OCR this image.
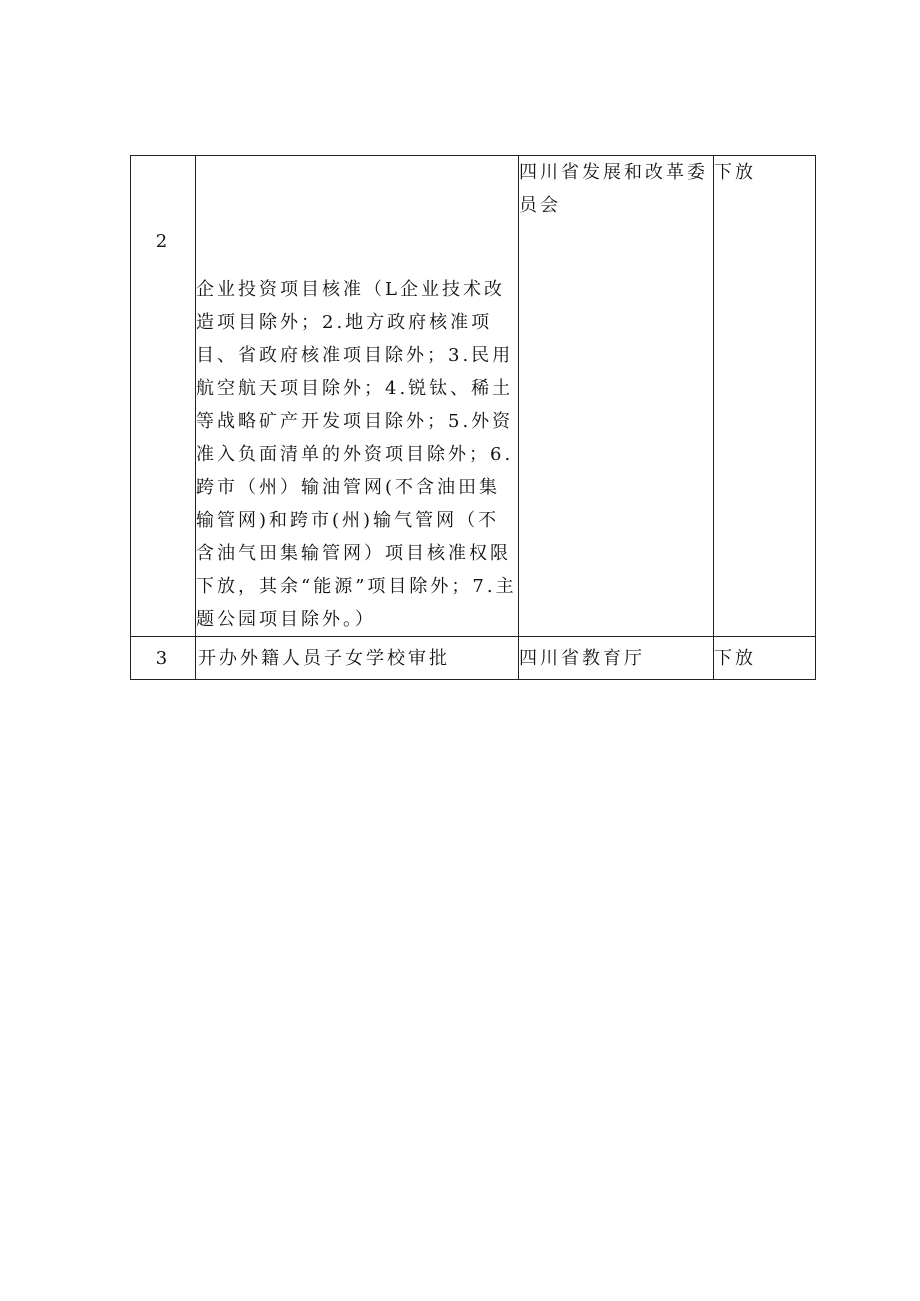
2	企业投资项目核准（L企业技术改造项目除外；2.地方政府核准项目、省政府核准项目除外；3.民用航空航天项目除外；4.锐钛、稀土等战略矿产开发项目除外；5.外资准入负面清单的外资项目除外；6.跨市（州）输油管网(不含油田集输管网)和跨市(州)输气管网（不含油气田集输管网）项目核准权限下放，其余“能源”项目除外；7.主题公园项目除外。）	四川省发展和改革委员会	下放
3	开办外籍人员子女学校审批	四川省教育厅	下放
